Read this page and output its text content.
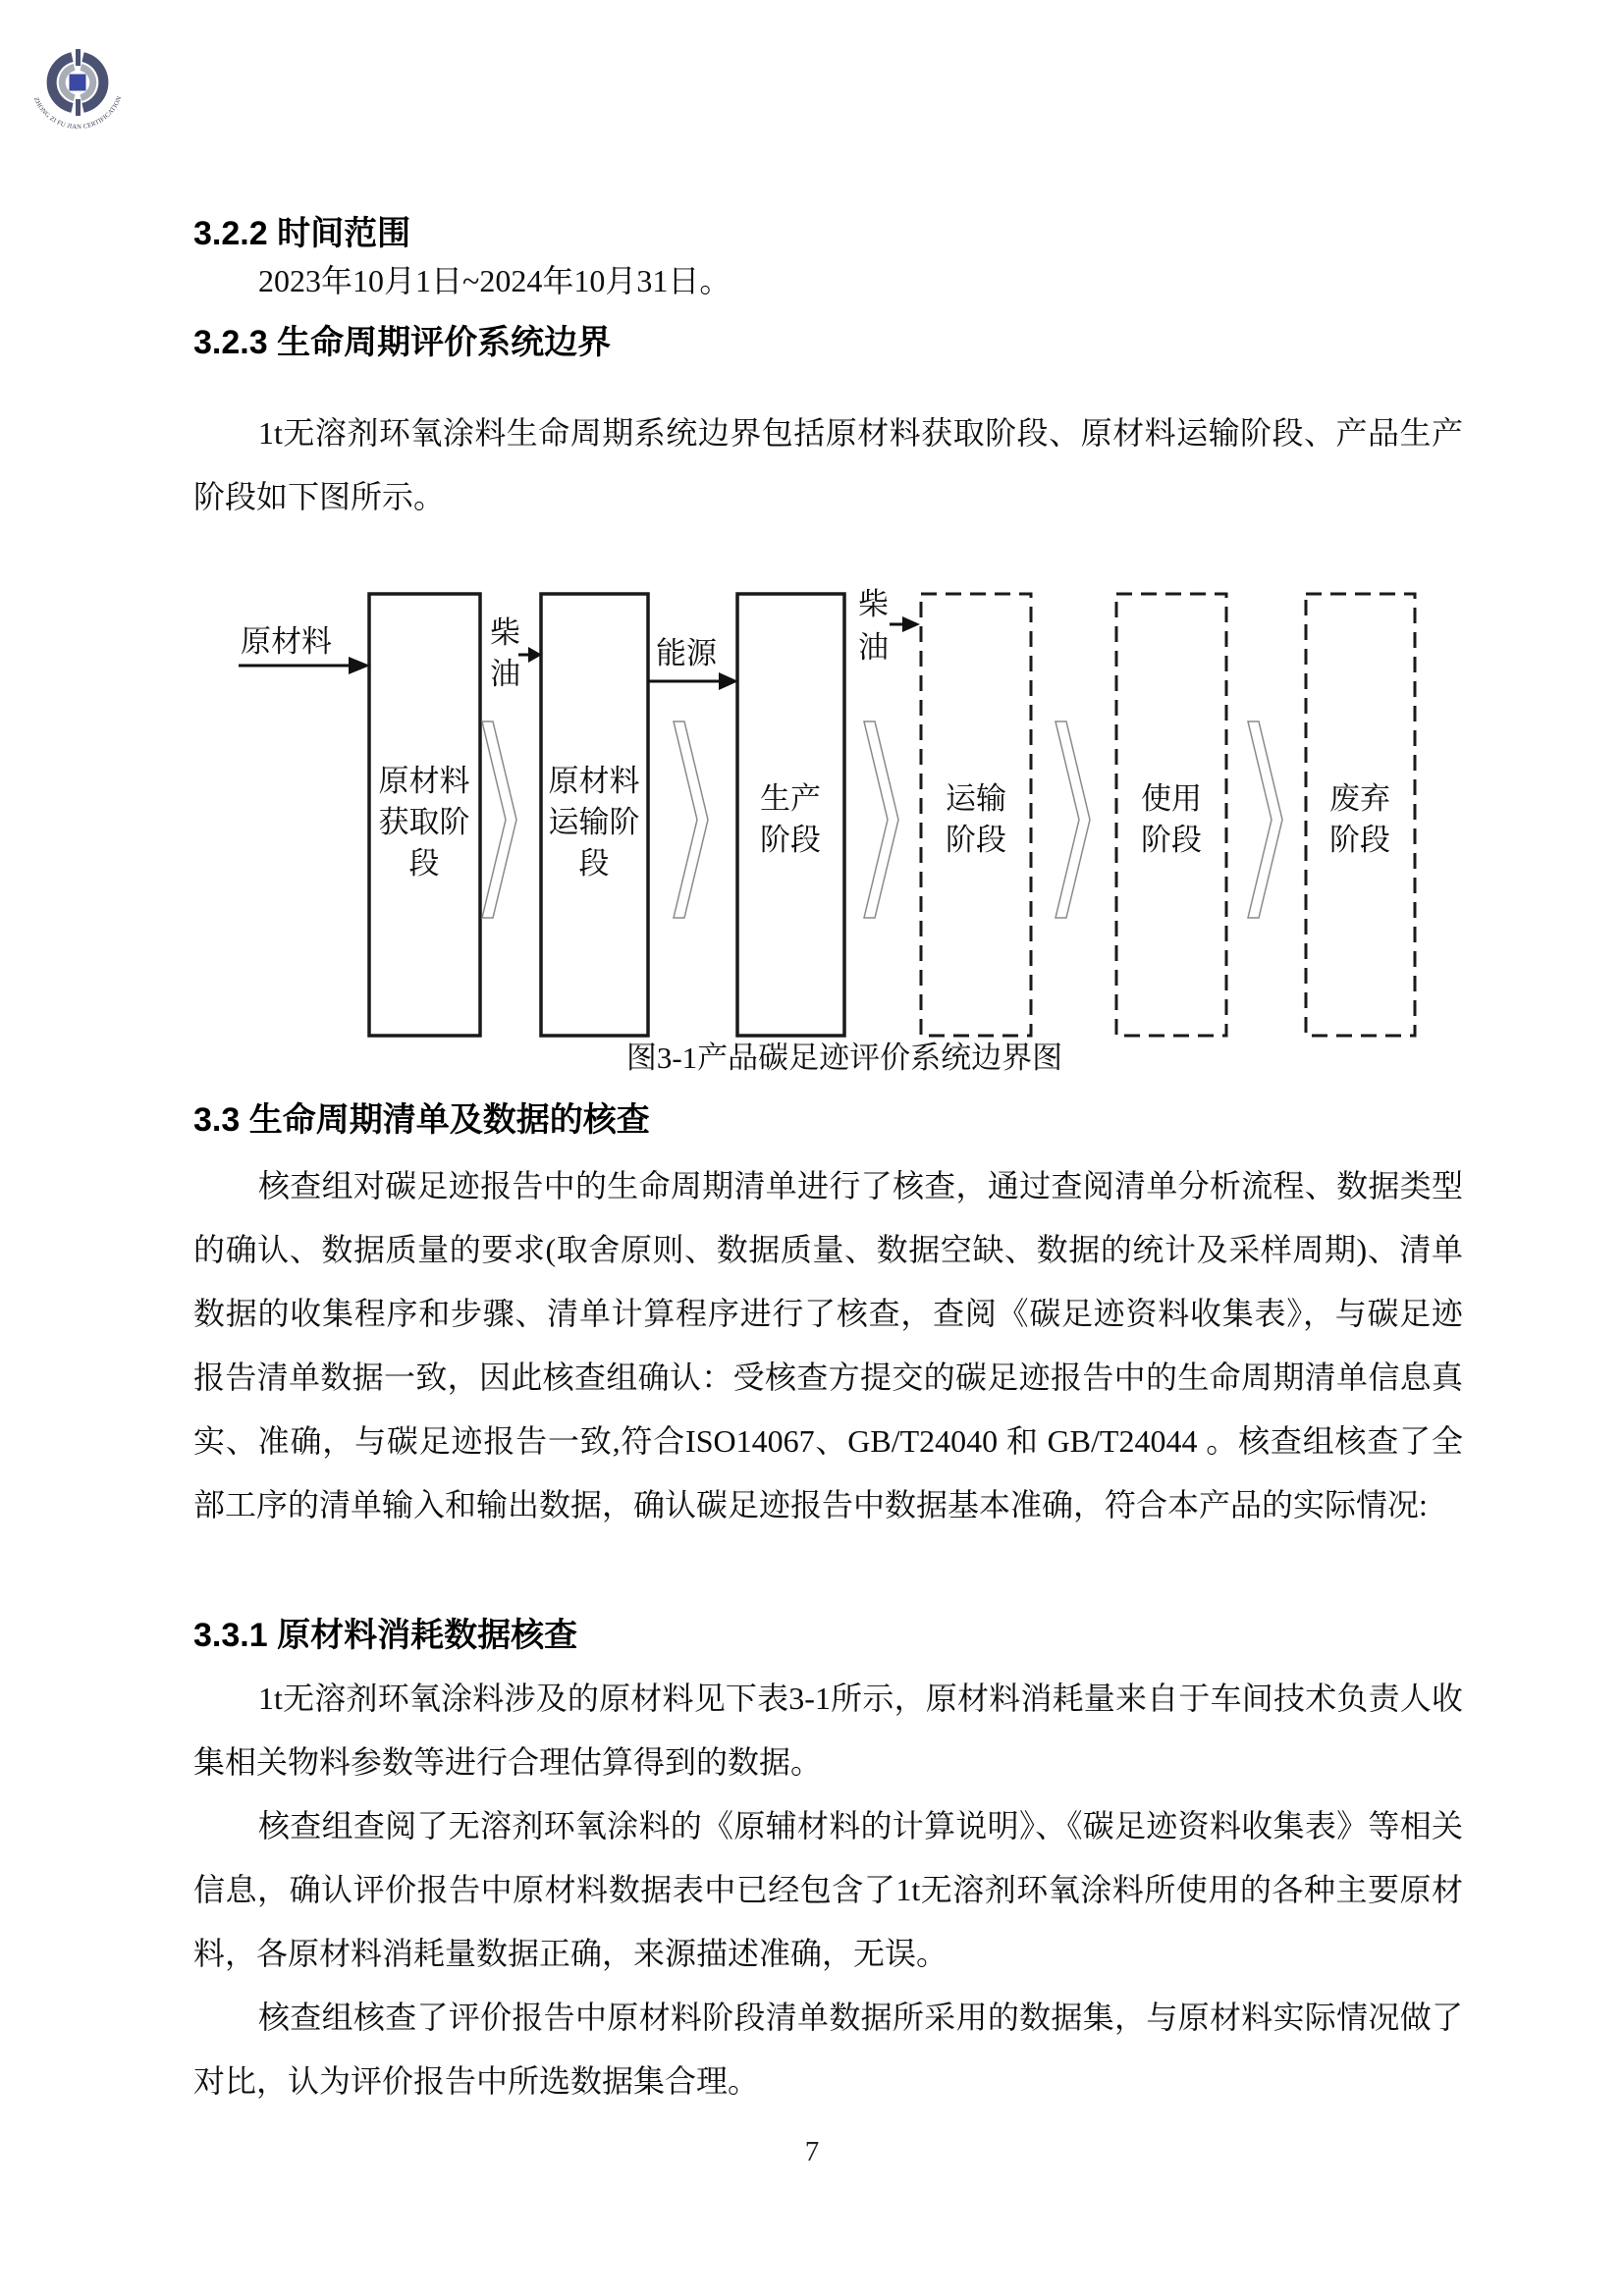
ZHONG ZI FU JIAN CERTIFICATION
3.2.2 时间范围
2023年10月1日~2024年10月31日。
3.2.3 生命周期评价系统边界
1t无溶剂环氧涂料生命周期系统边界包括原材料获取阶段、原材料运输阶段、产品生产阶段如下图所示。
原材料	柴
油
能源
柴
油
原材料
获取阶
段
原材料
运输阶
段
生产
阶段
运输
阶段
使用
阶段
废弃
阶段
图3-1产品碳足迹评价系统边界图
3.3 生命周期清单及数据的核查
核查组对碳足迹报告中的生命周期清单进行了核查，通过查阅清单分析流程、数据类型的确认、数据质量的要求(取舍原则、数据质量、数据空缺、数据的统计及采样周期)、清单数据的收集程序和步骤、清单计算程序进行了核查，查阅《碳足迹资料收集表》，与碳足迹报告清单数据一致，因此核查组确认：受核查方提交的碳足迹报告中的生命周期清单信息真实、准确，与碳足迹报告一致,符合ISO14067、GB/T24040 和 GB/T24044 。核查组核查了全部工序的清单输入和输出数据，确认碳足迹报告中数据基本准确，符合本产品的实际情况:
3.3.1 原材料消耗数据核查
1t无溶剂环氧涂料涉及的原材料见下表3-1所示，原材料消耗量来自于车间技术负责人收集相关物料参数等进行合理估算得到的数据。
核查组查阅了无溶剂环氧涂料的《原辅材料的计算说明》、《碳足迹资料收集表》等相关信息，确认评价报告中原材料数据表中已经包含了1t无溶剂环氧涂料所使用的各种主要原材料，各原材料消耗量数据正确，来源描述准确，无误。
核查组核查了评价报告中原材料阶段清单数据所采用的数据集，与原材料实际情况做了对比，认为评价报告中所选数据集合理。
7
